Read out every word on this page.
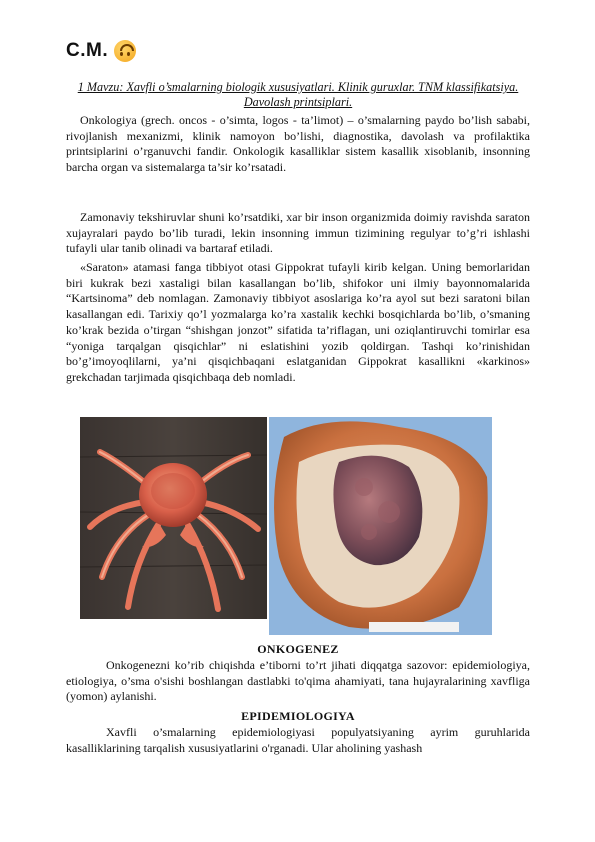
C.M.
1 Mavzu: Xavfli o’smalarning biologik xususiyatlari. Klinik guruxlar. TNM klassifikatsiya. Davolash printsiplari.

Onkologiya (grech. oncos - o’simta, logos - ta’limot) – o’smalarning paydo bo’lish sababi, rivojlanish mexanizmi, klinik namoyon bo’lishi, diagnostika, davolash va profilaktika printsiplarini o’rganuvchi fandir. Onkologik kasalliklar sistem kasallik xisoblanib, insonning barcha organ va sistemalarga ta’sir ko’rsatadi.

Zamonaviy tekshiruvlar shuni ko’rsatdiki, xar bir inson organizmida doimiy ravishda saraton xujayralari paydo bo’lib turadi, lekin insonning immun tizimining regulyar to’g’ri ishlashi tufayli ular tanib olinadi va bartaraf etiladi.

«Saraton» atamasi fanga tibbiyot otasi Gippokrat tufayli kirib kelgan. Uning bemorlaridan biri kukrak bezi xastaligi bilan kasallangan bo’lib, shifokor uni ilmiy bayonnomalarida “Kartsinoma” deb nomlagan. Zamonaviy tibbiyot asoslariga ko’ra ayol sut bezi saratoni bilan kasallangan edi. Tarixiy qo’l yozmalarga ko’ra xastalik kechki bosqichlarda bo’lib, o’smaning ko’krak bezida o’tirgan “shishgan jonzot” sifatida ta’riflagan, uni oziqlantiruvchi tomirlar esa “yoniga tarqalgan qisqichlar” ni eslatishini yozib qoldirgan. Tashqi ko’rinishidan bo’g’imoyoqlilarni, ya’ni qisqichbaqani eslatganidan Gippokrat kasallikni «karkinos» grekchadan tarjimada qisqichbaqa deb nomladi.

ONKOGENEZ

Onkogenezni ko’rib chiqishda e’tiborni to’rt jihati diqqatga sazovor: epidemiologiya, etiologiya, o’sma o'sishi boshlangan dastlabki to'qima ahamiyati, tana hujayralarining xavfliga (yomon) aylanishi.

EPIDEMIOLOGIYA

Xavfli o’smalarning epidemiologiyasi populyatsiyaning ayrim guruhlarida kasalliklarining tarqalish xususiyatlarini o'rganadi. Ular aholining yashash
